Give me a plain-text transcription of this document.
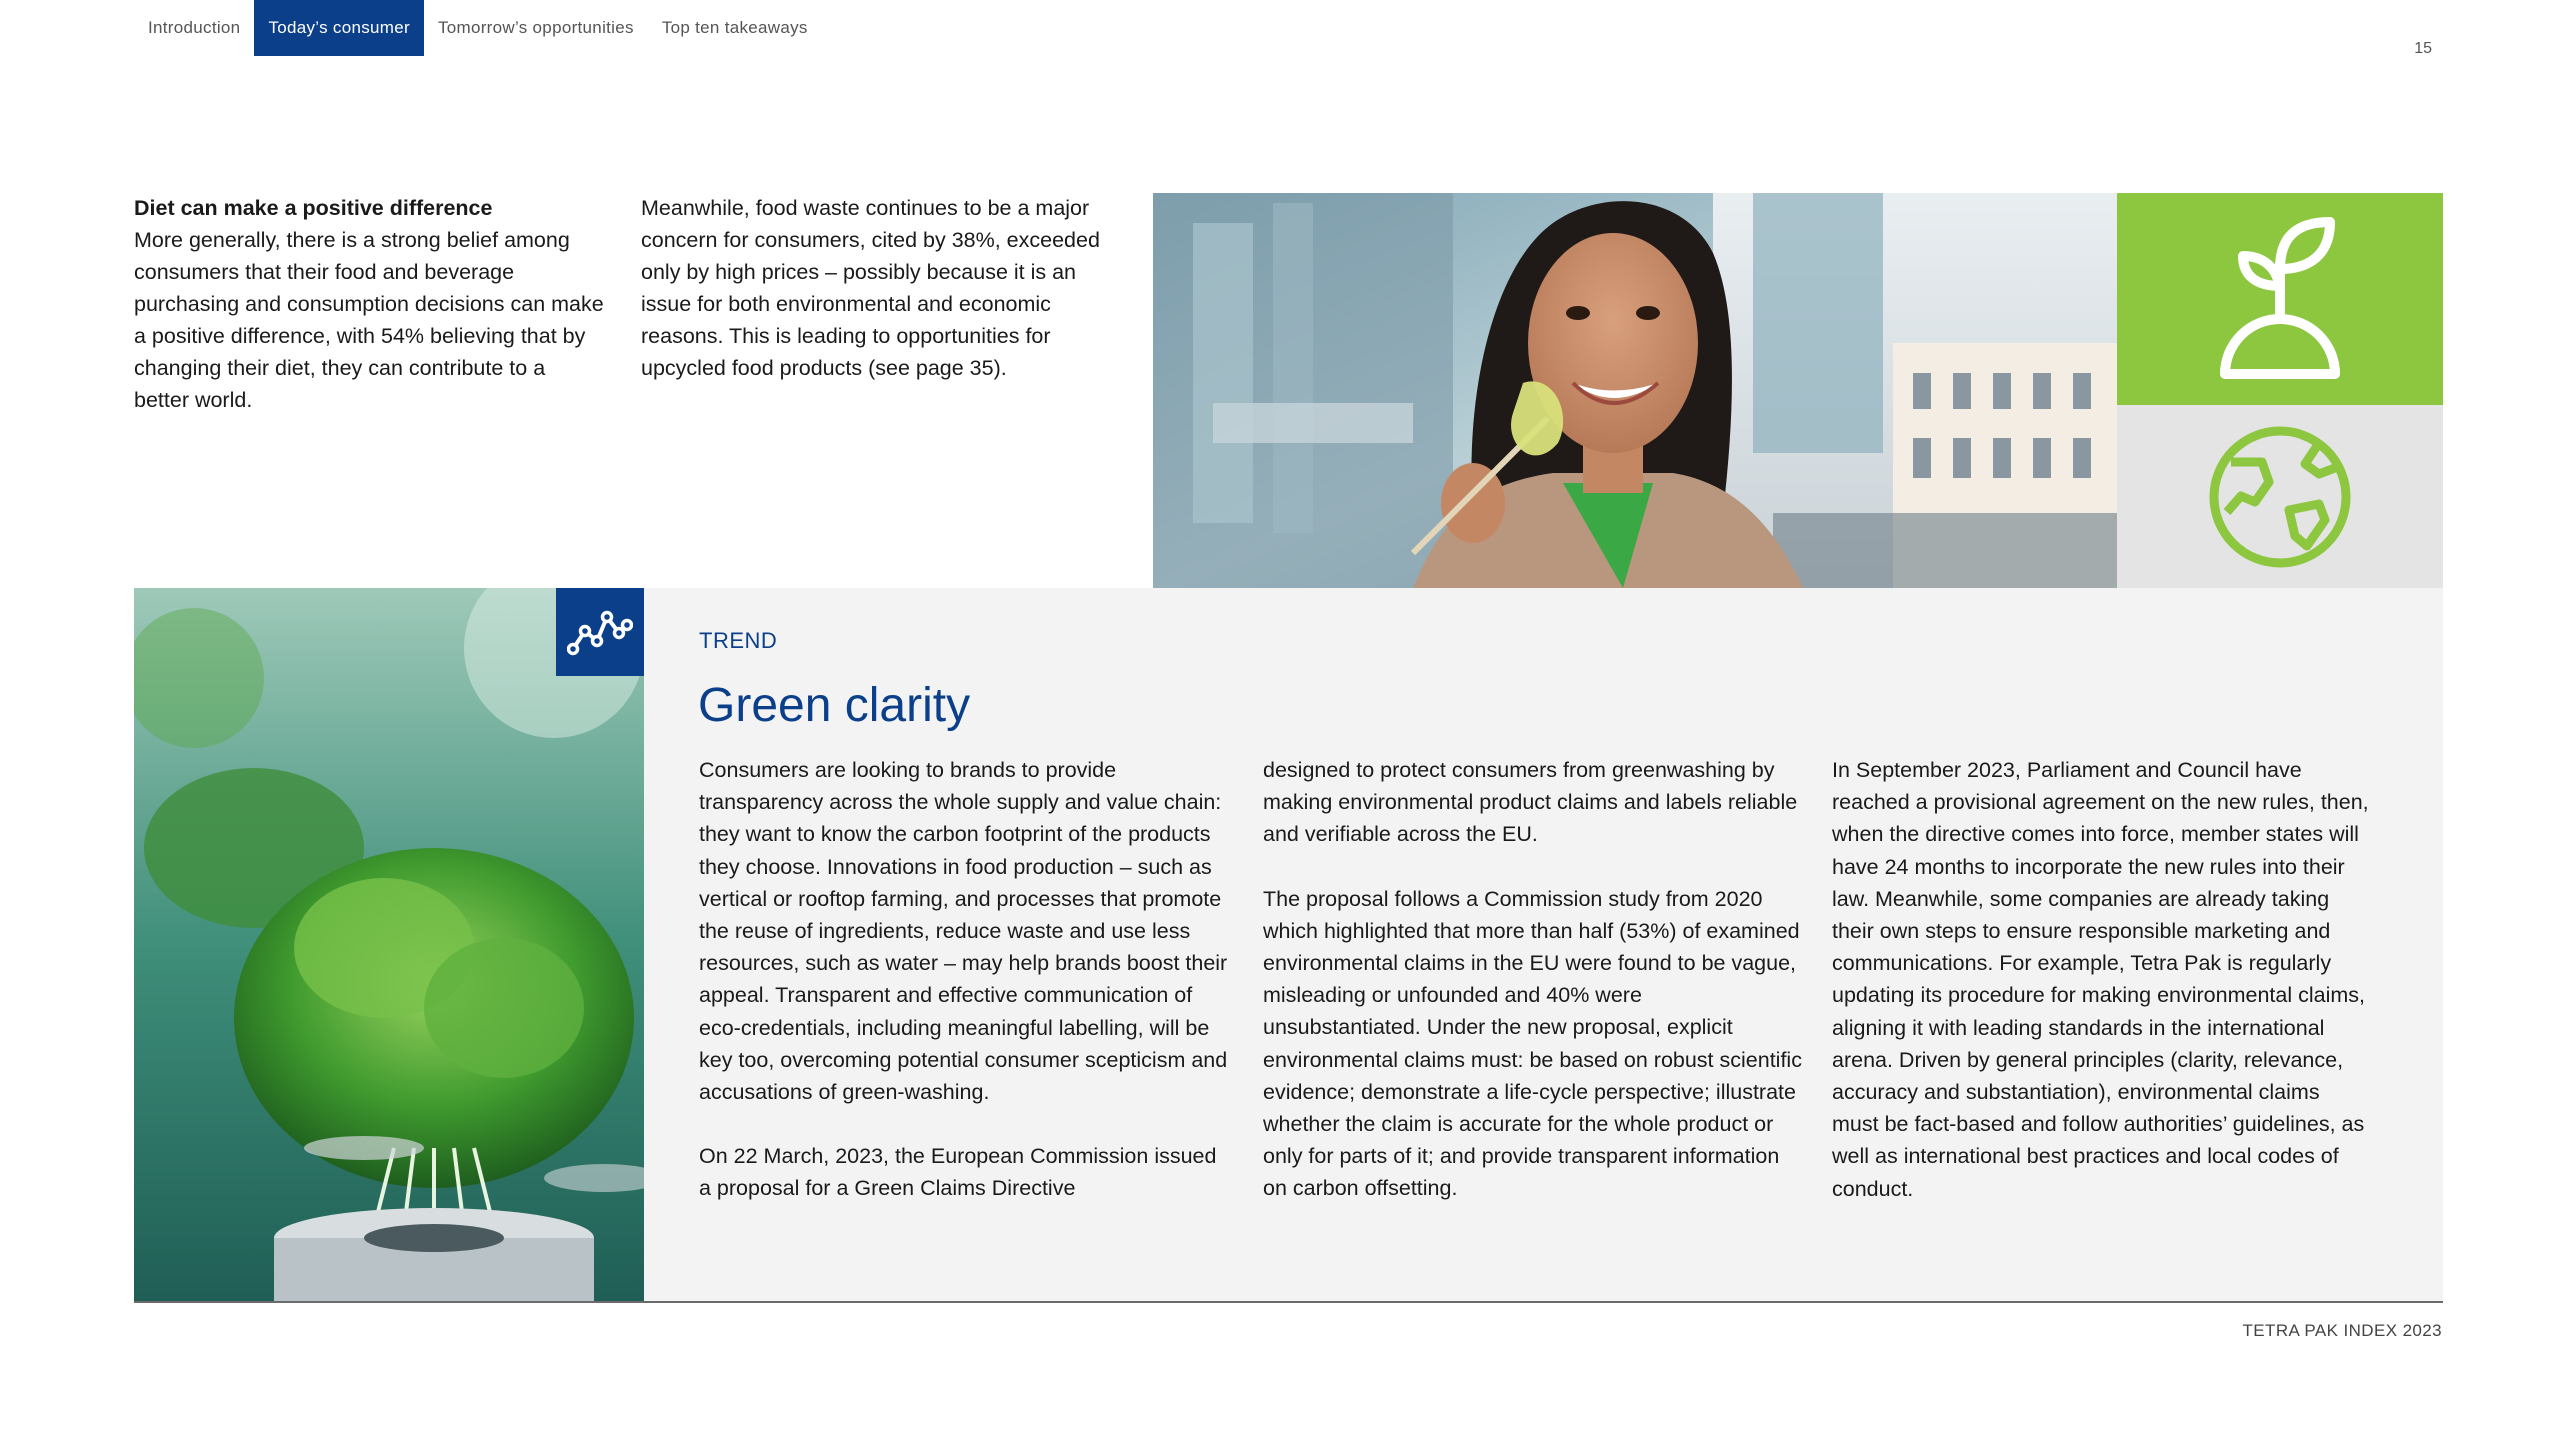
Introduction	Today’s consumer	Tomorrow’s opportunities	Top ten takeaways
15
Diet can make a positive difference
More generally, there is a strong belief among consumers that their food and beverage purchasing and consumption decisions can make a positive difference, with 54% believing that by changing their diet, they can contribute to a better world.
Meanwhile, food waste continues to be a major concern for consumers, cited by 38%, exceeded only by high prices – possibly because it is an issue for both environmental and economic reasons. This is leading to opportunities for upcycled food products (see page 35).
TREND
Green clarity

Consumers are looking to brands to provide transparency across the whole supply and value chain: they want to know the carbon footprint of the products they choose. Innovations in food production – such as vertical or rooftop farming, and processes that promote the reuse of ingredients, reduce waste and use less resources, such as water – may help brands boost their appeal. Transparent and effective communication of eco-credentials, including meaningful labelling, will be key too, overcoming potential consumer scepticism and accusations of green-washing.

On 22 March, 2023, the European Commission issued a proposal for a Green Claims Directive

designed to protect consumers from greenwashing by making environmental product claims and labels reliable and verifiable across the EU.

The proposal follows a Commission study from 2020 which highlighted that more than half (53%) of examined environmental claims in the EU were found to be vague, misleading or unfounded and 40% were unsubstantiated. Under the new proposal, explicit environmental claims must: be based on robust scientific evidence; demonstrate a life-cycle perspective; illustrate whether the claim is accurate for the whole product or only for parts of it; and provide transparent information on carbon offsetting.

In September 2023, Parliament and Council have reached a provisional agreement on the new rules, then, when the directive comes into force, member states will have 24 months to incorporate the new rules into their law. Meanwhile, some companies are already taking their own steps to ensure responsible marketing and communications. For example, Tetra Pak is regularly updating its procedure for making environmental claims, aligning it with leading standards in the international arena. Driven by general principles (clarity, relevance, accuracy and substantiation), environmental claims must be fact-based and follow authorities’ guidelines, as well as international best practices and local codes of conduct.

TETRA PAK INDEX 2023
